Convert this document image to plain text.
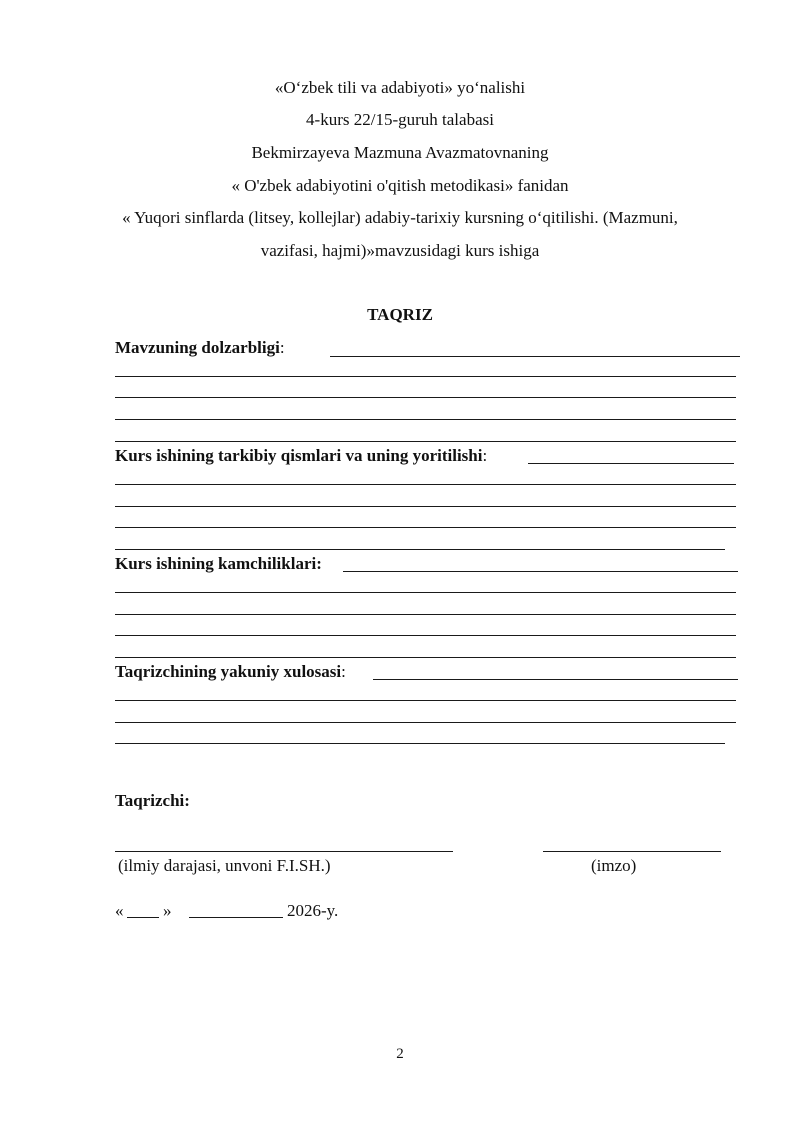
«O‘zbek tili va adabiyoti» yo‘nalishi
4-kurs 22/15-guruh talabasi
Bekmirzayeva Mazmuna Avazmatovnaning
« O'zbek adabiyotini o'qitish metodikasi» fanidan
« Yuqori sinflarda (litsey, kollejlar) adabiy-tarixiy kursning o‘qitilishi. (Mazmuni,
vazifasi, hajmi)»mavzusidagi kurs ishiga
TAQRIZ
Mavzuning dolzarbligi:
Kurs ishining tarkibiy qismlari va uning yoritilishi:
Kurs ishining kamchiliklari:
Taqrizchining yakuniy xulosasi:
Taqrizchi:
(ilmiy darajasi, unvoni F.I.SH.)	(imzo)
« »	2026-y.
2
